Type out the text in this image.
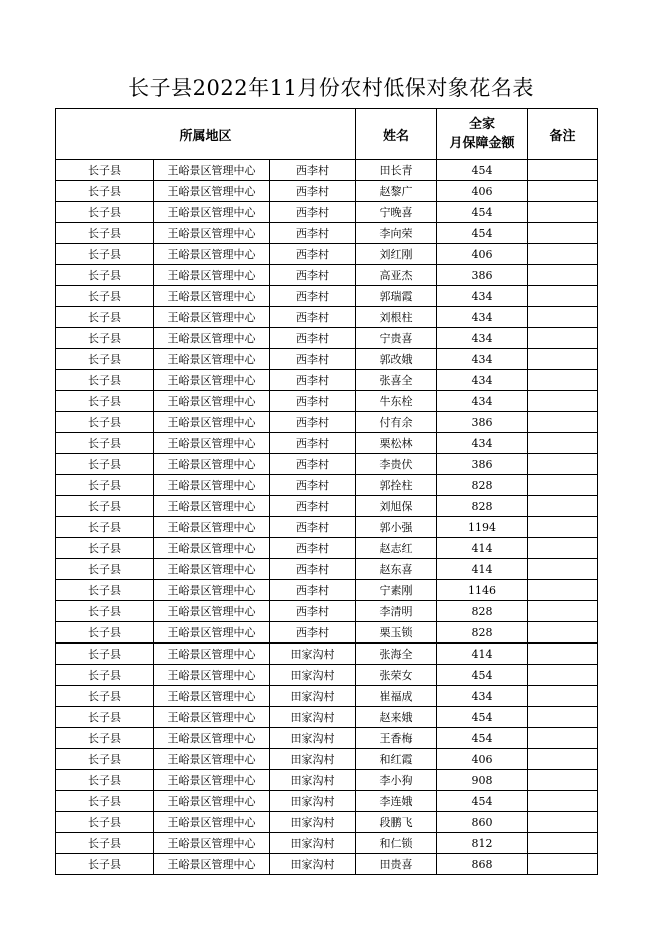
长子县2022年11月份农村低保对象花名表
所属地区			姓名	全家
月保障金额	备注
长子县	王峪景区管理中心	西李村	田长青	454	
长子县	王峪景区管理中心	西李村	赵黎广	406	
长子县	王峪景区管理中心	西李村	宁晚喜	454	
长子县	王峪景区管理中心	西李村	李向荣	454	
长子县	王峪景区管理中心	西李村	刘红刚	406	
长子县	王峪景区管理中心	西李村	高亚杰	386	
长子县	王峪景区管理中心	西李村	郭瑞霞	434	
长子县	王峪景区管理中心	西李村	刘根柱	434	
长子县	王峪景区管理中心	西李村	宁贵喜	434	
长子县	王峪景区管理中心	西李村	郭改娥	434	
长子县	王峪景区管理中心	西李村	张喜全	434	
长子县	王峪景区管理中心	西李村	牛东栓	434	
长子县	王峪景区管理中心	西李村	付有余	386	
长子县	王峪景区管理中心	西李村	栗松林	434	
长子县	王峪景区管理中心	西李村	李贵伏	386	
长子县	王峪景区管理中心	西李村	郭拴柱	828	
长子县	王峪景区管理中心	西李村	刘旭保	828	
长子县	王峪景区管理中心	西李村	郭小强	1194	
长子县	王峪景区管理中心	西李村	赵志红	414	
长子县	王峪景区管理中心	西李村	赵东喜	414	
长子县	王峪景区管理中心	西李村	宁素刚	1146	
长子县	王峪景区管理中心	西李村	李清明	828	
长子县	王峪景区管理中心	西李村	栗玉锁	828	
长子县	王峪景区管理中心	田家沟村	张海全	414	
长子县	王峪景区管理中心	田家沟村	张荣女	454	
长子县	王峪景区管理中心	田家沟村	崔福成	434	
长子县	王峪景区管理中心	田家沟村	赵来娥	454	
长子县	王峪景区管理中心	田家沟村	王香梅	454	
长子县	王峪景区管理中心	田家沟村	和红霞	406	
长子县	王峪景区管理中心	田家沟村	李小狗	908	
长子县	王峪景区管理中心	田家沟村	李连娥	454	
长子县	王峪景区管理中心	田家沟村	段鹏飞	860	
长子县	王峪景区管理中心	田家沟村	和仁锁	812	
长子县	王峪景区管理中心	田家沟村	田贵喜	868	
